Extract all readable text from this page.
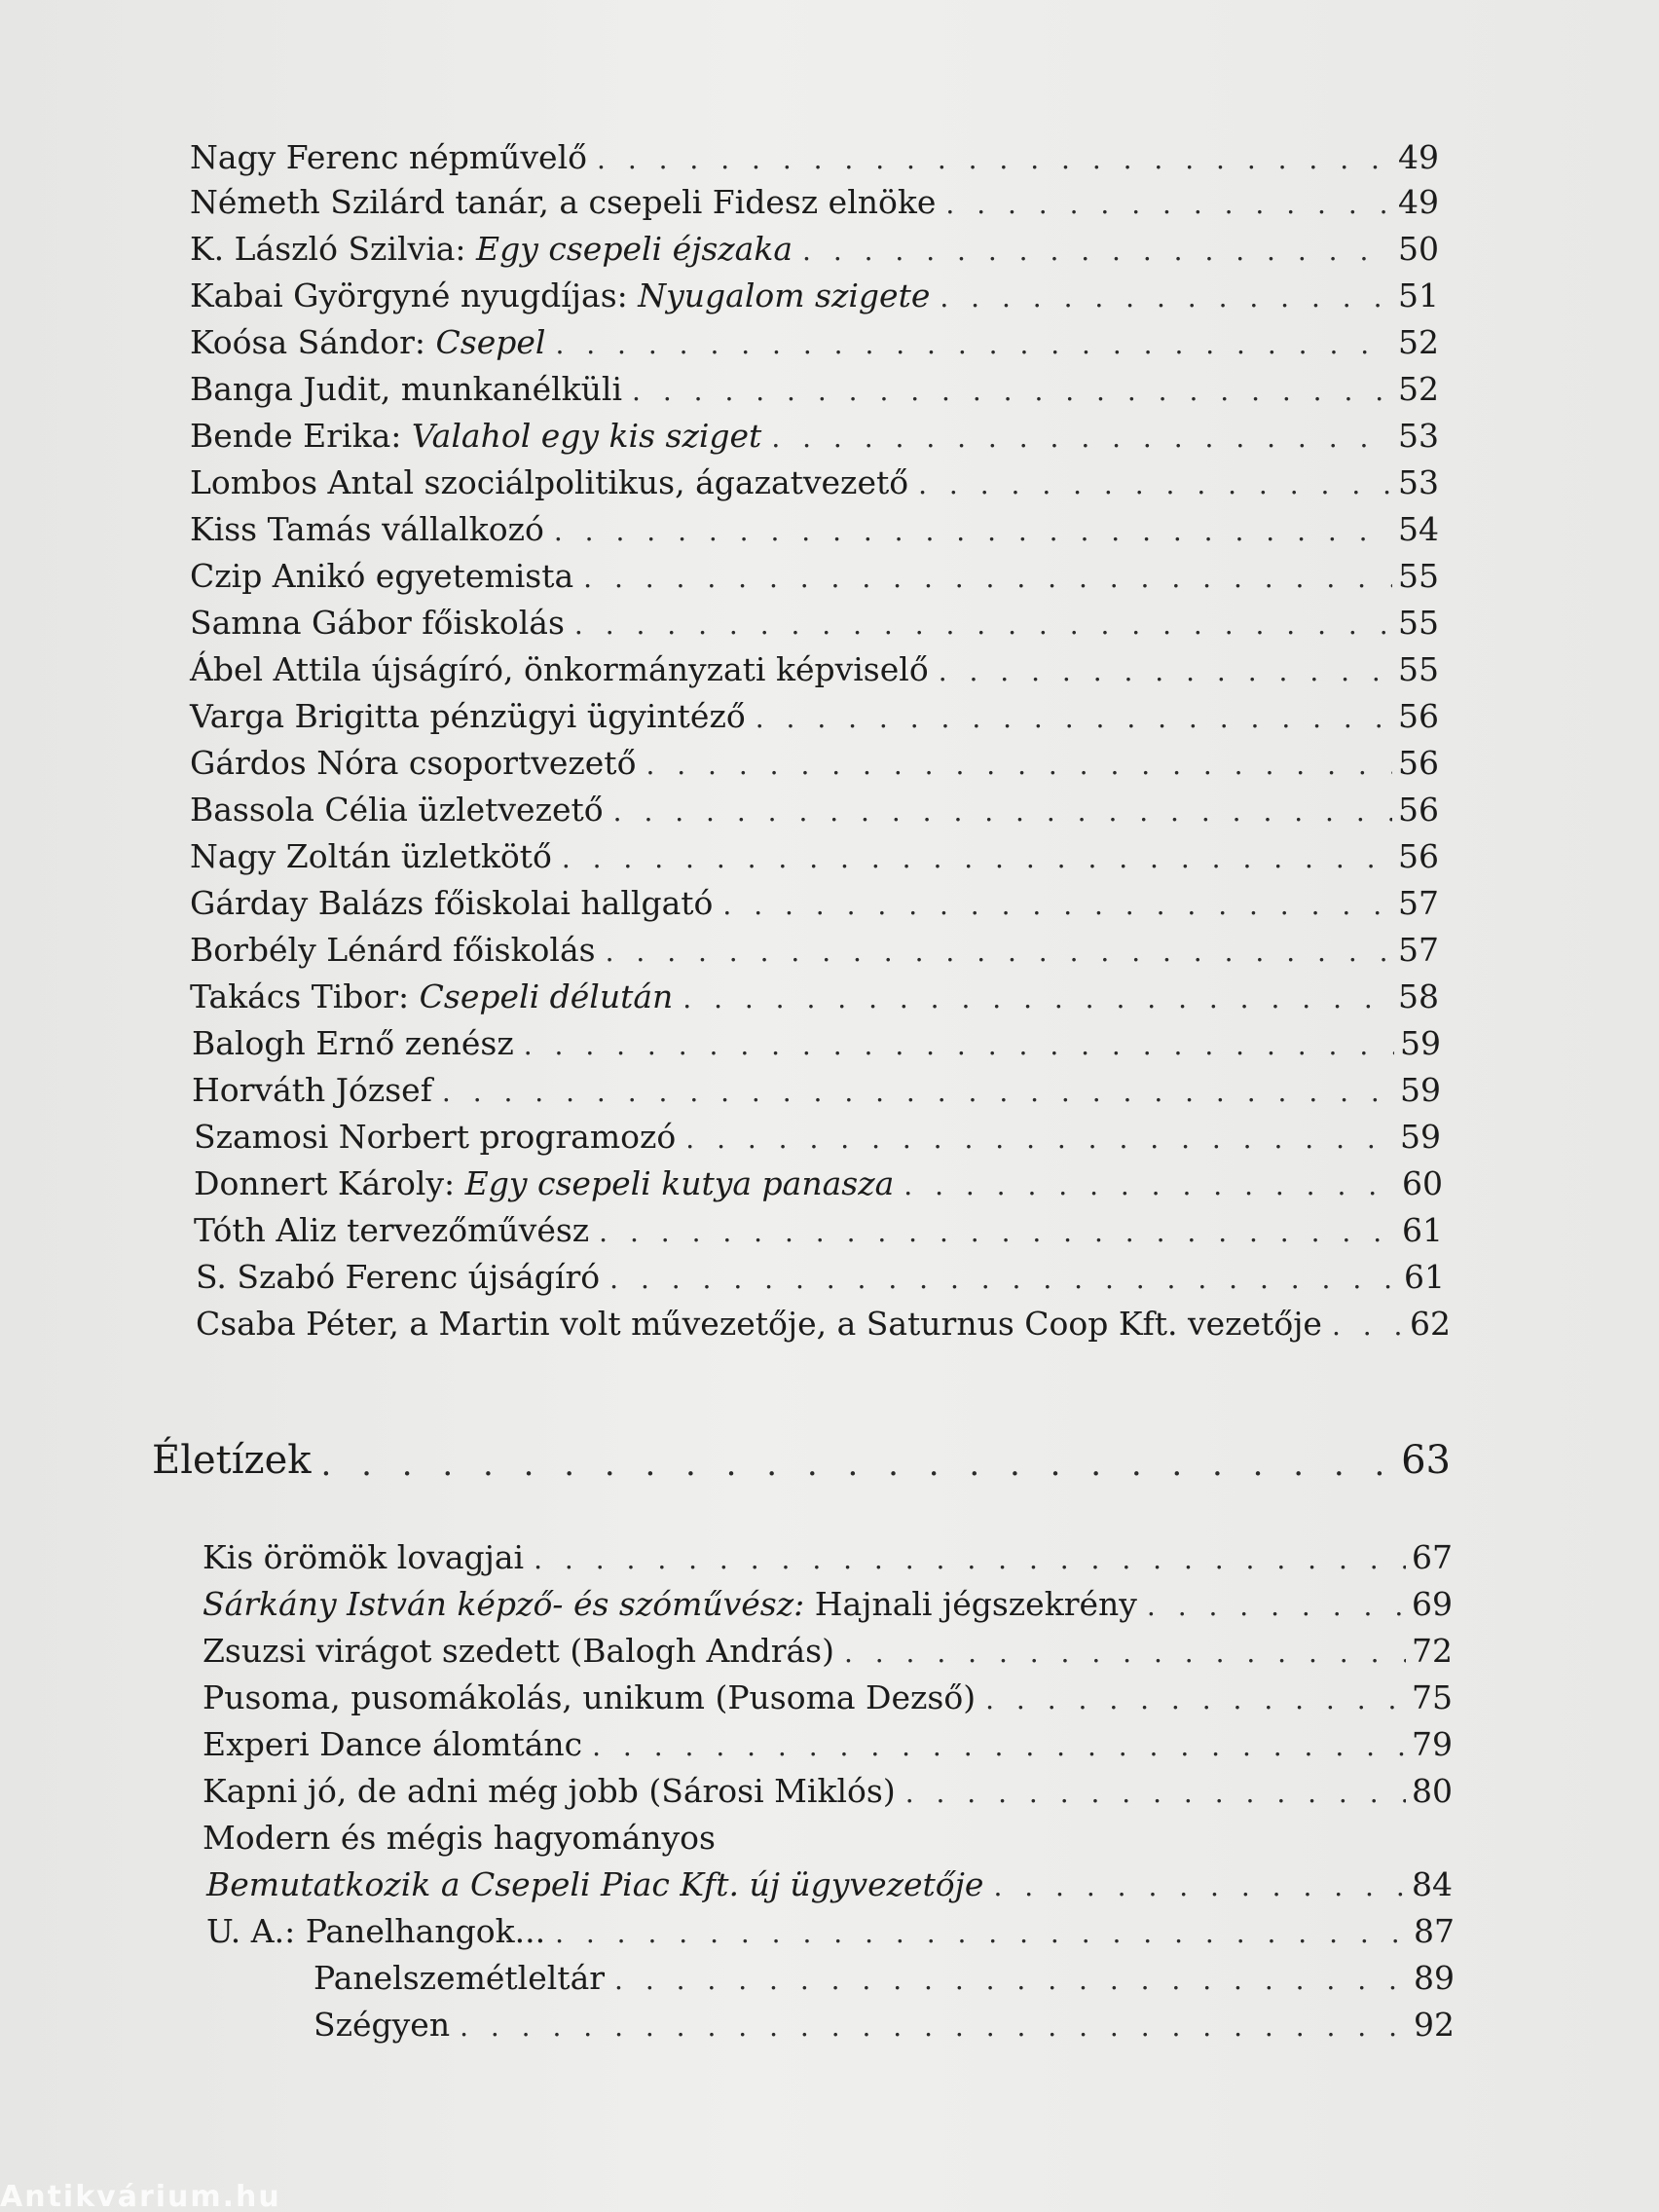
Nagy Ferenc népművelő . . .	49
Németh Szilárd tanár, a csepeli Fidesz elnöke . . .	49
K. László Szilvia: Egy csepeli éjszaka . . .	50
Kabai Györgyné nyugdíjas: Nyugalom szigete . . .	51
Koósa Sándor: Csepel . . .	52
Banga Judit, munkanélküli . . .	52
Bende Erika: Valahol egy kis sziget . . .	53
Lombos Antal szociálpolitikus, ágazatvezető . . .	53
Kiss Tamás vállalkozó . . .	54
Czip Anikó egyetemista . . .	55
Samna Gábor főiskolás . . .	55
Ábel Attila újságíró, önkormányzati képviselő . . .	55
Varga Brigitta pénzügyi ügyintéző . . .	56
Gárdos Nóra csoportvezető . . .	56
Bassola Célia üzletvezető . . .	56
Nagy Zoltán üzletkötő . . .	56
Gárday Balázs főiskolai hallgató . . .	57
Borbély Lénárd főiskolás . . .	57
Takács Tibor: Csepeli délután . . .	58
Balogh Ernő zenész . . .	59
Horváth József . . .	59
Szamosi Norbert programozó . . .	59
Donnert Károly: Egy csepeli kutya panasza . . .	60
Tóth Aliz tervezőművész . . .	61
S. Szabó Ferenc újságíró . . .	61
Csaba Péter, a Martin volt művezetője, a Saturnus Coop Kft. vezetője . . .	62
Életízek . . .	63
Kis örömök lovagjai . . .	67
Sárkány István képző- és szóművész: Hajnali jégszekrény . . .	69
Zsuzsi virágot szedett (Balogh András) . . .	72
Pusoma, pusomákolás, unikum (Pusoma Dezső) . . .	75
Experi Dance álomtánc . . .	79
Kapni jó, de adni még jobb (Sárosi Miklós) . . .	80
Modern és mégis hagyományos
Bemutatkozik a Csepeli Piac Kft. új ügyvezetője . . .	84
U. A.: Panelhangok... . . .	87
Panelszemétleltár . . .	89
Szégyen . . .	92
Antikvárium.hu
